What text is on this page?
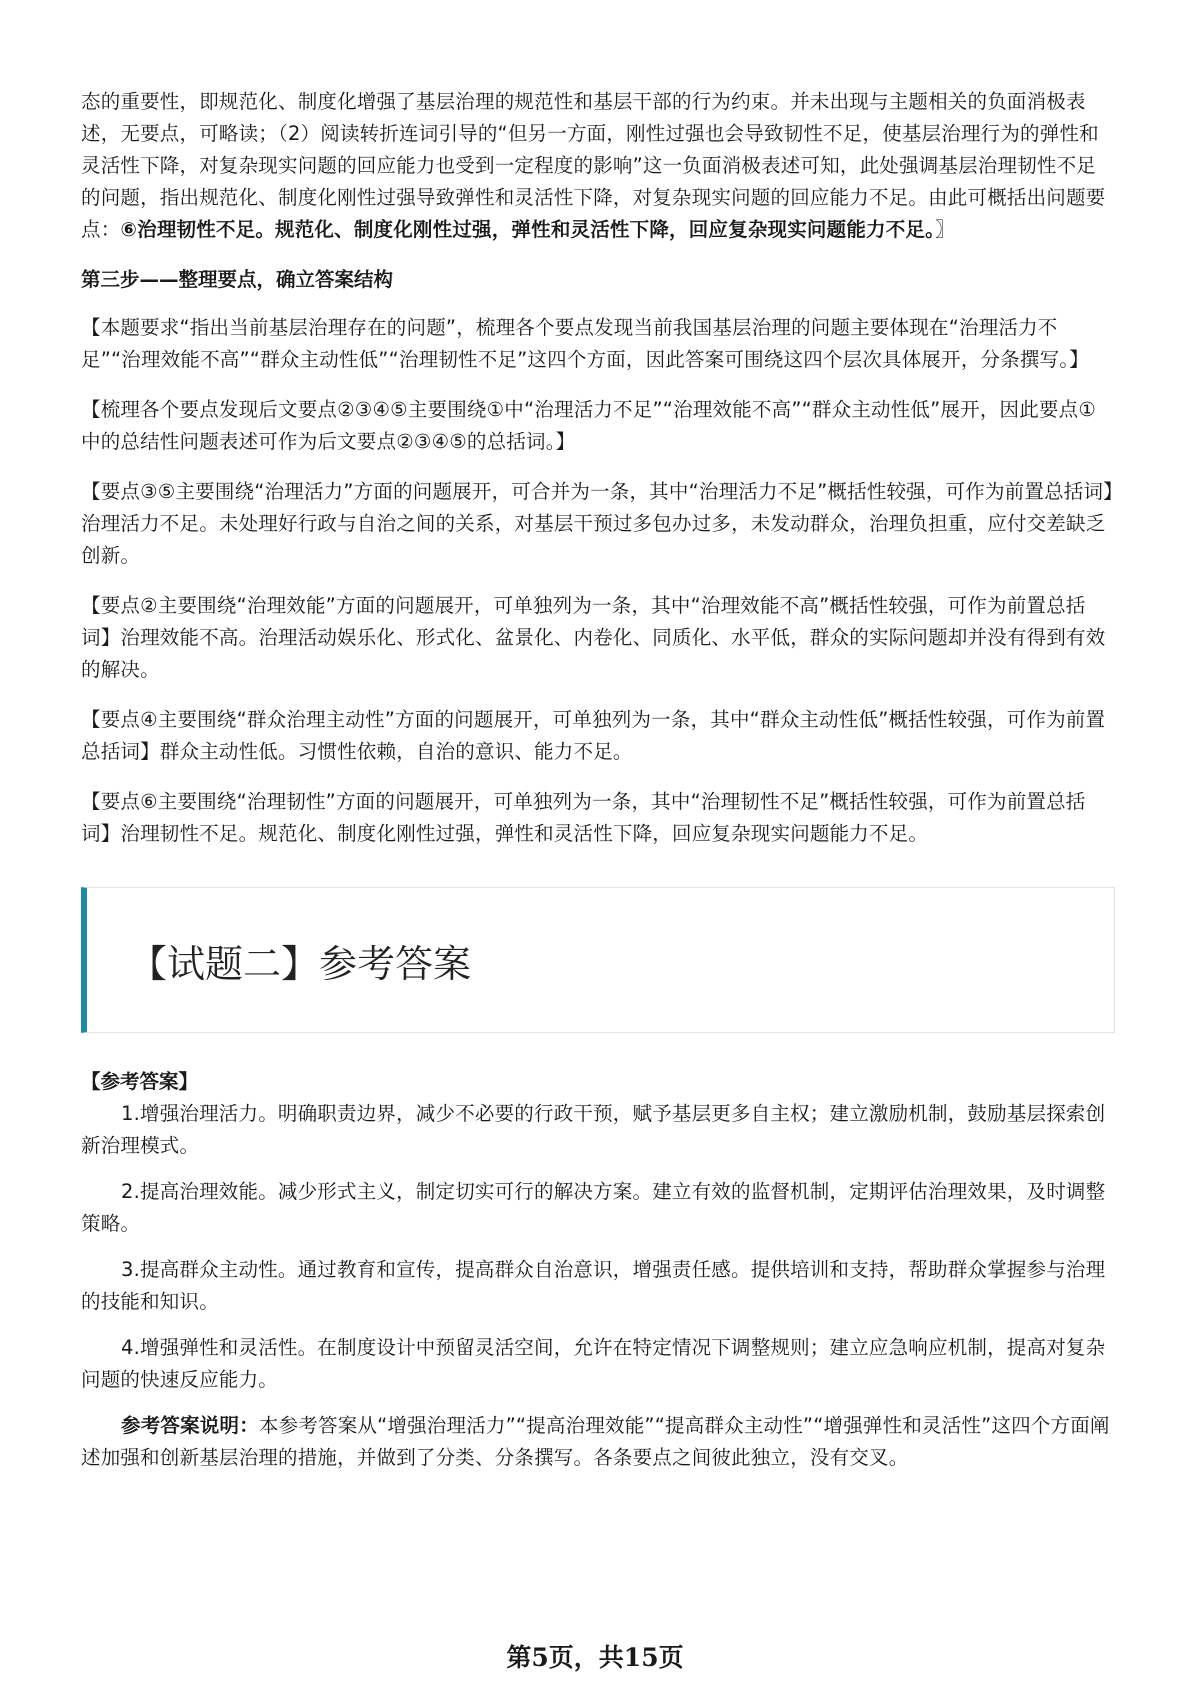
态的重要性，即规范化、制度化增强了基层治理的规范性和基层干部的行为约束。并未出现与主题相关的负面消极表述，无要点，可略读；（2）阅读转折连词引导的“但另一方面，刚性过强也会导致韧性不足，使基层治理行为的弹性和灵活性下降，对复杂现实问题的回应能力也受到一定程度的影响”这一负面消极表述可知，此处强调基层治理韧性不足的问题，指出规范化、制度化刚性过强导致弹性和灵活性下降，对复杂现实问题的回应能力不足。由此可概括出问题要点：⑥治理韧性不足。规范化、制度化刚性过强，弹性和灵活性下降，回应复杂现实问题能力不足。〗

第三步——整理要点，确立答案结构

【本题要求“指出当前基层治理存在的问题”，梳理各个要点发现当前我国基层治理的问题主要体现在“治理活力不足”“治理效能不高”“群众主动性低”“治理韧性不足”这四个方面，因此答案可围绕这四个层次具体展开，分条撰写。】

【梳理各个要点发现后文要点②③④⑤主要围绕①中“治理活力不足”“治理效能不高”“群众主动性低”展开，因此要点①中的总结性问题表述可作为后文要点②③④⑤的总括词。】

【要点③⑤主要围绕“治理活力”方面的问题展开，可合并为一条，其中“治理活力不足”概括性较强，可作为前置总括词】治理活力不足。未处理好行政与自治之间的关系，对基层干预过多包办过多，未发动群众，治理负担重，应付交差缺乏创新。

【要点②主要围绕“治理效能”方面的问题展开，可单独列为一条，其中“治理效能不高”概括性较强，可作为前置总括词】治理效能不高。治理活动娱乐化、形式化、盆景化、内卷化、同质化、水平低，群众的实际问题却并没有得到有效的解决。

【要点④主要围绕“群众治理主动性”方面的问题展开，可单独列为一条，其中“群众主动性低”概括性较强，可作为前置总括词】群众主动性低。习惯性依赖，自治的意识、能力不足。

【要点⑥主要围绕“治理韧性”方面的问题展开，可单独列为一条，其中“治理韧性不足”概括性较强，可作为前置总括词】治理韧性不足。规范化、制度化刚性过强，弹性和灵活性下降，回应复杂现实问题能力不足。

【试题二】参考答案

【参考答案】

1.增强治理活力。明确职责边界，减少不必要的行政干预，赋予基层更多自主权；建立激励机制，鼓励基层探索创新治理模式。

2.提高治理效能。减少形式主义，制定切实可行的解决方案。建立有效的监督机制，定期评估治理效果，及时调整策略。

3.提高群众主动性。通过教育和宣传，提高群众自治意识，增强责任感。提供培训和支持，帮助群众掌握参与治理的技能和知识。

4.增强弹性和灵活性。在制度设计中预留灵活空间，允许在特定情况下调整规则；建立应急响应机制，提高对复杂问题的快速反应能力。

参考答案说明：本参考答案从“增强治理活力”“提高治理效能”“提高群众主动性”“增强弹性和灵活性”这四个方面阐述加强和创新基层治理的措施，并做到了分类、分条撰写。各条要点之间彼此独立，没有交叉。

第5页，共15页
